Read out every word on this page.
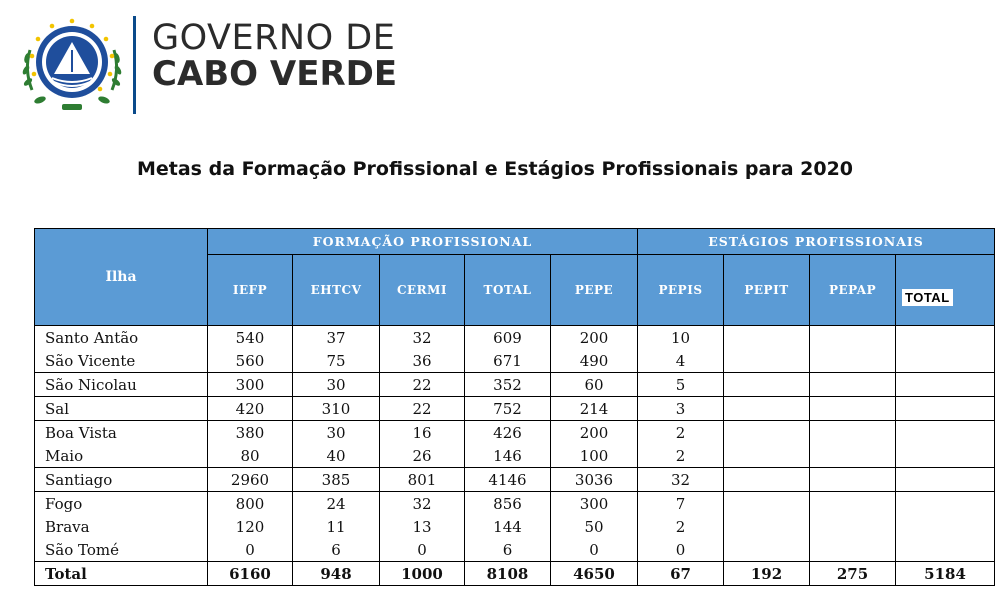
GOVERNO DE
CABO VERDE
Metas da Formação Profissional e Estágios Profissionais para 2020
Ilha	FORMAÇÃO PROFISSIONAL					ESTÁGIOS PROFISSIONAIS			
	IEFP	EHTCV	CERMI	TOTAL	PEPE	PEPIS	PEPIT	PEPAP	TOTAL

Santo Antão	540	37	32	609	200	10			
São Vicente	560	75	36	671	490	4			
São Nicolau	300	30	22	352	60	5			
Sal	420	310	22	752	214	3			
Boa Vista	380	30	16	426	200	2			
Maio	80	40	26	146	100	2			
Santiago	2960	385	801	4146	3036	32			
Fogo	800	24	32	856	300	7			
Brava	120	11	13	144	50	2			
São Tomé	0	6	0	6	0	0			
Total	6160	948	1000	8108	4650	67	192	275	5184
